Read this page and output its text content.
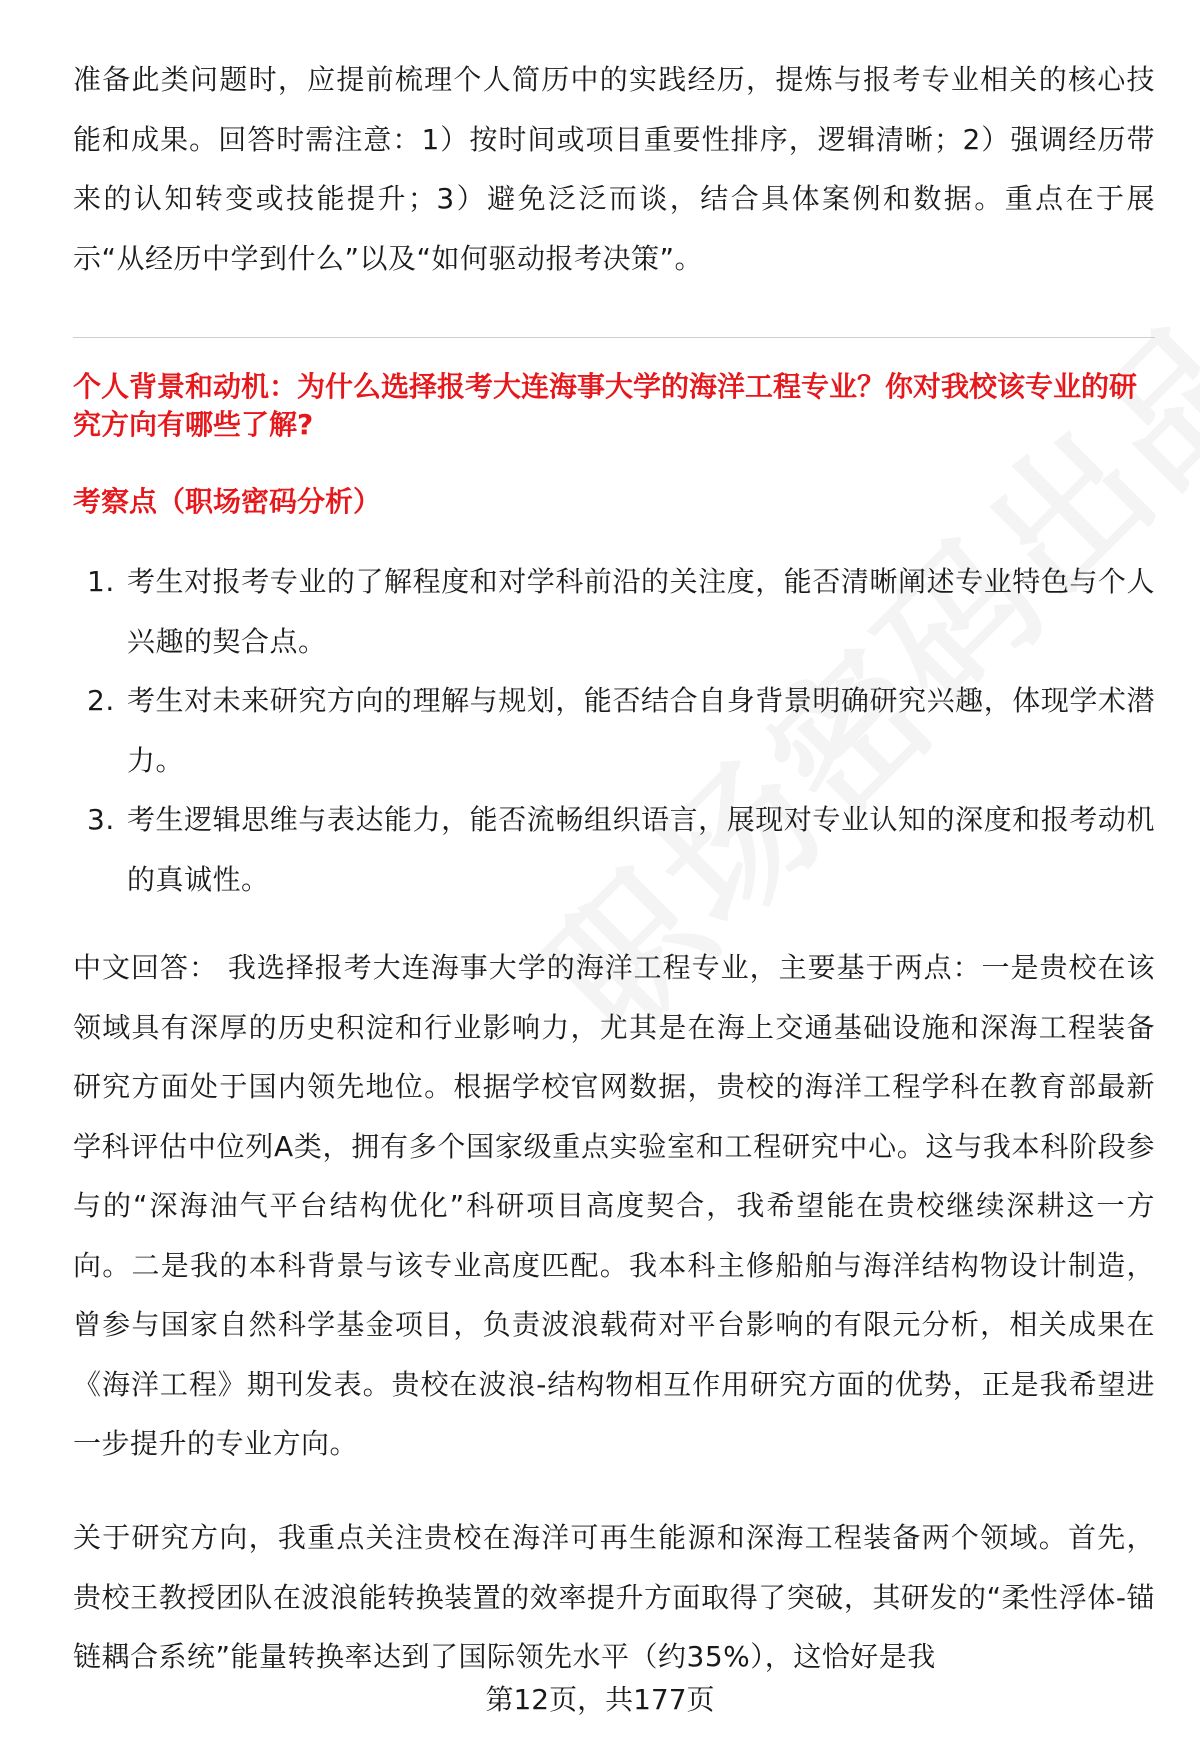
准备此类问题时，应提前梳理个人简历中的实践经历，提炼与报考专业相关的核心技能和成果。回答时需注意：1）按时间或项目重要性排序，逻辑清晰；2）强调经历带来的认知转变或技能提升；3）避免泛泛而谈，结合具体案例和数据。重点在于展示“从经历中学到什么”以及“如何驱动报考决策”。

个人背景和动机：为什么选择报考大连海事大学的海洋工程专业？你对我校该专业的研究方向有哪些了解?

考察点（职场密码分析）

1. 考生对报考专业的了解程度和对学科前沿的关注度，能否清晰阐述专业特色与个人兴趣的契合点。
2. 考生对未来研究方向的理解与规划，能否结合自身背景明确研究兴趣，体现学术潜力。
3. 考生逻辑思维与表达能力，能否流畅组织语言，展现对专业认知的深度和报考动机的真诚性。

中文回答： 我选择报考大连海事大学的海洋工程专业，主要基于两点：一是贵校在该领域具有深厚的历史积淀和行业影响力，尤其是在海上交通基础设施和深海工程装备研究方面处于国内领先地位。根据学校官网数据，贵校的海洋工程学科在教育部最新学科评估中位列A类，拥有多个国家级重点实验室和工程研究中心。这与我本科阶段参与的“深海油气平台结构优化”科研项目高度契合，我希望能在贵校继续深耕这一方向。二是我的本科背景与该专业高度匹配。我本科主修船舶与海洋结构物设计制造，曾参与国家自然科学基金项目，负责波浪载荷对平台影响的有限元分析，相关成果在《海洋工程》期刊发表。贵校在波浪-结构物相互作用研究方面的优势，正是我希望进一步提升的专业方向。

关于研究方向，我重点关注贵校在海洋可再生能源和深海工程装备两个领域。首先，贵校王教授团队在波浪能转换装置的效率提升方面取得了突破，其研发的“柔性浮体-锚链耦合系统”能量转换率达到了国际领先水平（约35%），这恰好是我

第12页，共177页
